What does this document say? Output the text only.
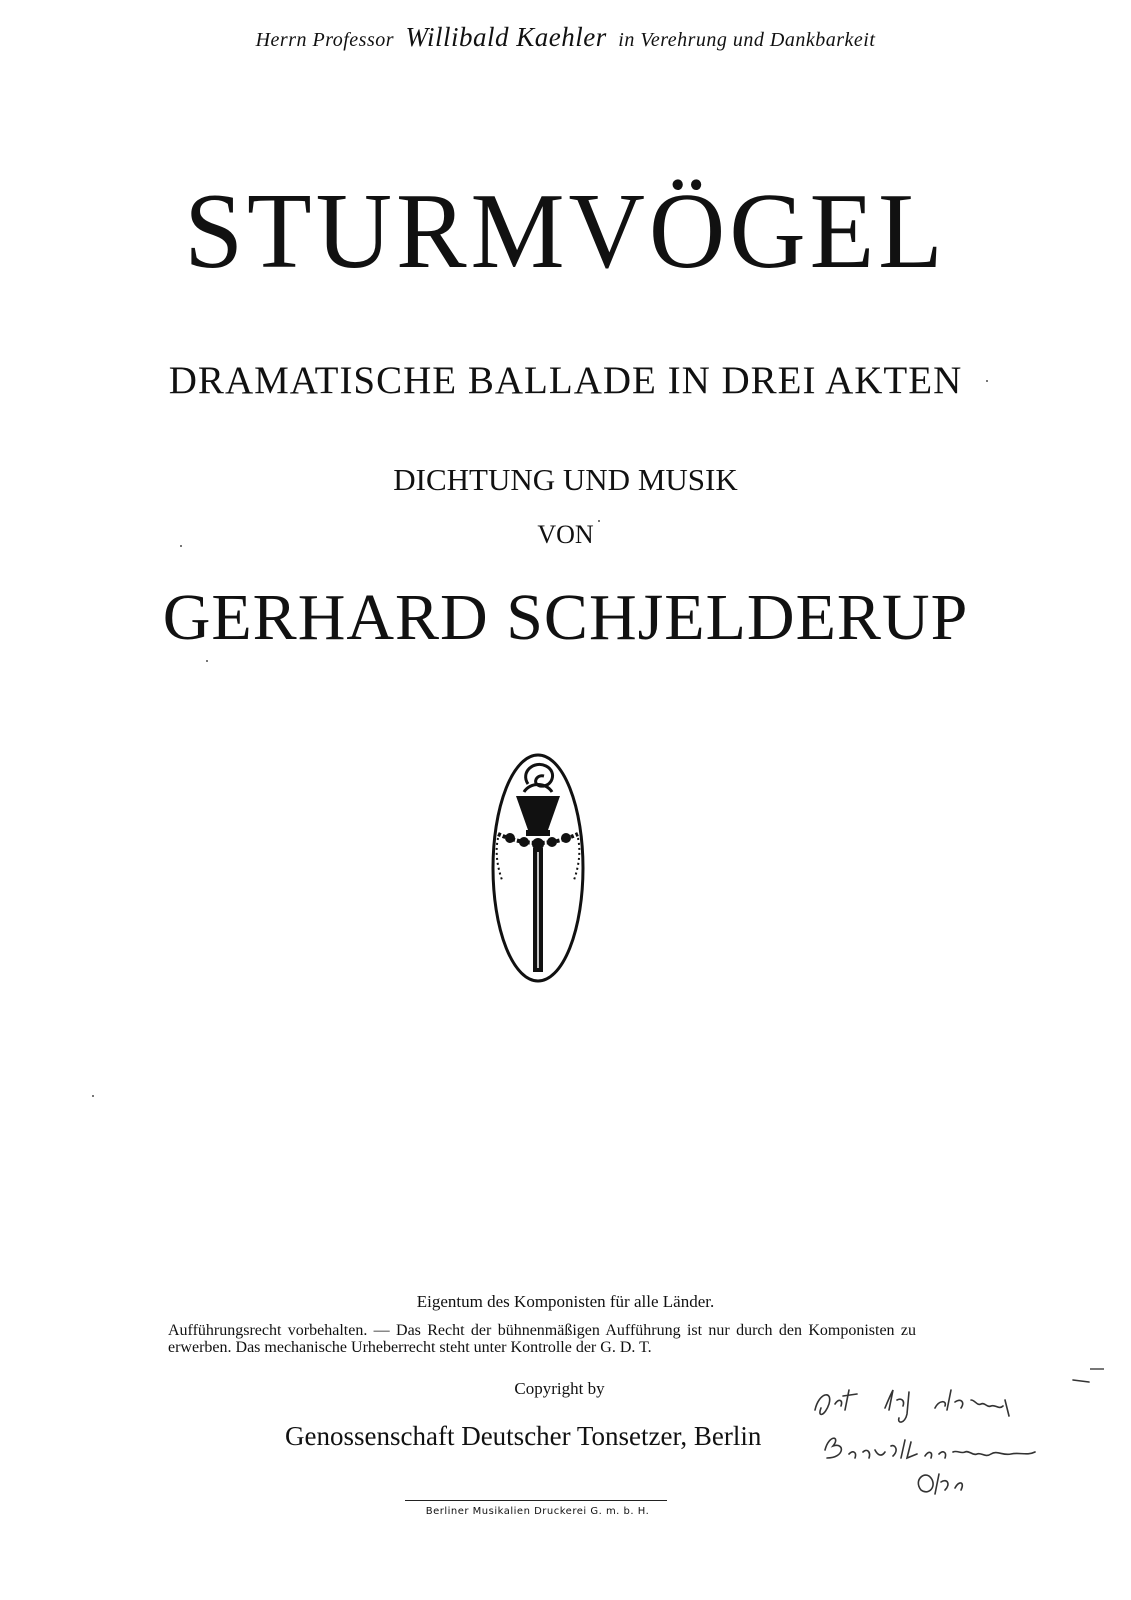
Herrn Professor Willibald Kaehler in Verehrung und Dankbarkeit
STURMVÖGEL
DRAMATISCHE BALLADE IN DREI AKTEN
DICHTUNG UND MUSIK
VON
GERHARD SCHJELDERUP
Eigentum des Komponisten für alle Länder.
Aufführungsrecht vorbehalten. — Das Recht der bühnenmäßigen Aufführung ist nur durch den Komponisten zu erwerben. Das mechanische Urheberrecht steht unter Kontrolle der G. D. T.
Copyright by
Genossenschaft Deutscher Tonsetzer, Berlin
Berliner Musikalien Druckerei G. m. b. H.
